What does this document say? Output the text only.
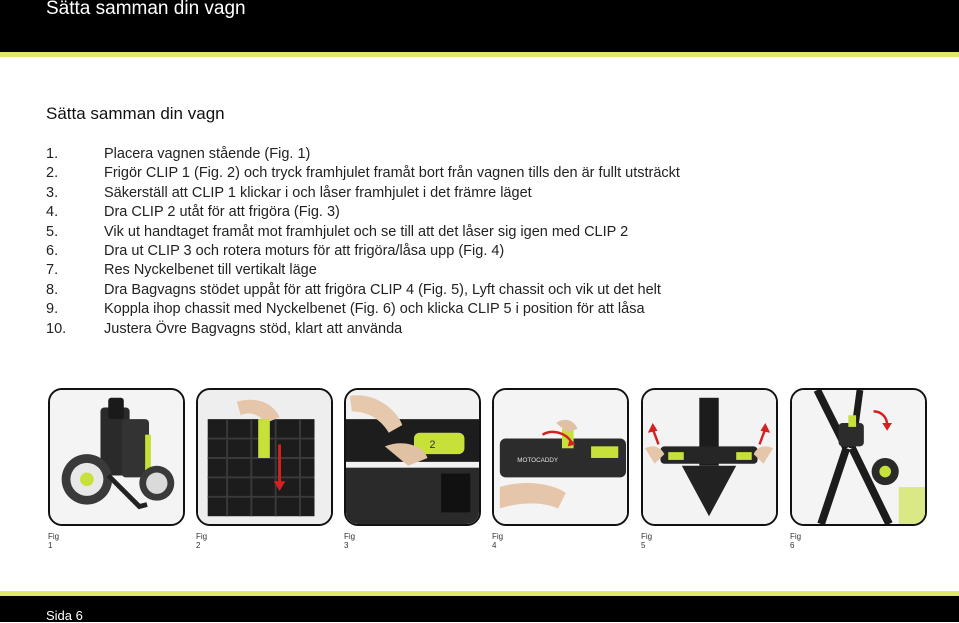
Sätta samman din vagn
Sätta samman din vagn
1.	Placera vagnen stående (Fig. 1)
2.	Frigör CLIP 1 (Fig. 2) och tryck framhjulet framåt bort från vagnen tills den är fullt utsträckt
3.	Säkerställ att CLIP 1 klickar i och låser framhjulet i det främre läget
4.	Dra CLIP 2 utåt för att frigöra (Fig. 3)
5.	Vik ut handtaget framåt mot framhjulet och se till att det låser sig igen med CLIP 2
6.	Dra ut CLIP 3 och rotera moturs för att frigöra/låsa upp (Fig. 4)
7.	Res Nyckelbenet till vertikalt läge
8.	Dra Bagvagns stödet uppåt för att frigöra CLIP 4 (Fig. 5), Lyft chassit och vik ut det helt
9.	Koppla ihop chassit med Nyckelbenet (Fig. 6) och klicka CLIP 5 i position för att låsa
10.	Justera Övre Bagvagns stöd, klart att använda
Fig 1
Fig 2
2
Fig 3
MOTOCADDY
Fig 4
Fig 5
Fig 6
Sida 6
